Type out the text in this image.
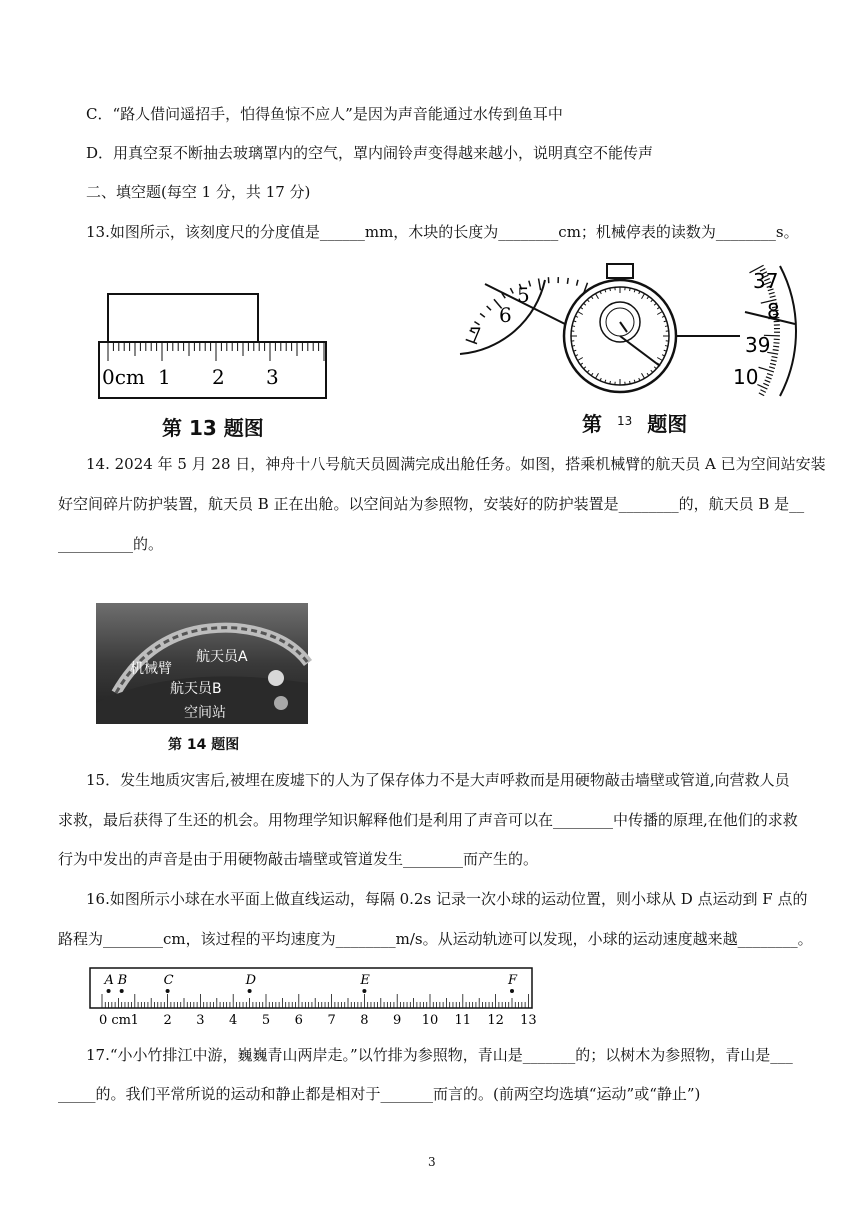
C．“路人借问遥招手，怕得鱼惊不应人”是因为声音能通过水传到鱼耳中
D．用真空泵不断抽去玻璃罩内的空气，罩内闹铃声变得越来越小，说明真空不能传声
二、填空题(每空 1 分，共 17 分)
13.如图所示，该刻度尺的分度值是______mm，木块的长度为________cm；机械停表的读数为________s。
0cm 1 2 3
第 13 题图
5
6
7
37
8
39
10
第 $^{13}$ 题图
14. 2024 年 5 月 28 日，神舟十八号航天员圆满完成出舱任务。如图，搭乘机械臂的航天员 A 已为空间站安装
好空间碎片防护装置，航天员 B 正在出舱。以空间站为参照物，安装好的防护装置是________的，航天员 B 是__
__________的。
航天员A
机械臂
航天员B
空间站
第 14 题图
15．发生地质灾害后,被埋在废墟下的人为了保存体力不是大声呼救而是用硬物敲击墙壁或管道,向营救人员
求救，最后获得了生还的机会。用物理学知识解释他们是利用了声音可以在________中传播的原理,在他们的求救
行为中发出的声音是由于用硬物敲击墙壁或管道发生________而产生的。
16.如图所示小球在水平面上做直线运动，每隔 0.2s 记录一次小球的运动位置，则小球从 D 点运动到 F 点的
路程为________cm，该过程的平均速度为________m/s。从运动轨迹可以发现，小球的运动速度越来越________。
A B	C	D	E	F
0 cm 1 2 3 4 5 6 7 8 9 10 11 12 13
17.“小小竹排江中游，巍巍青山两岸走。”以竹排为参照物，青山是_______的；以树木为参照物，青山是___
_____的。我们平常所说的运动和静止都是相对于_______而言的。(前两空均选填“运动”或“静止”)
3
